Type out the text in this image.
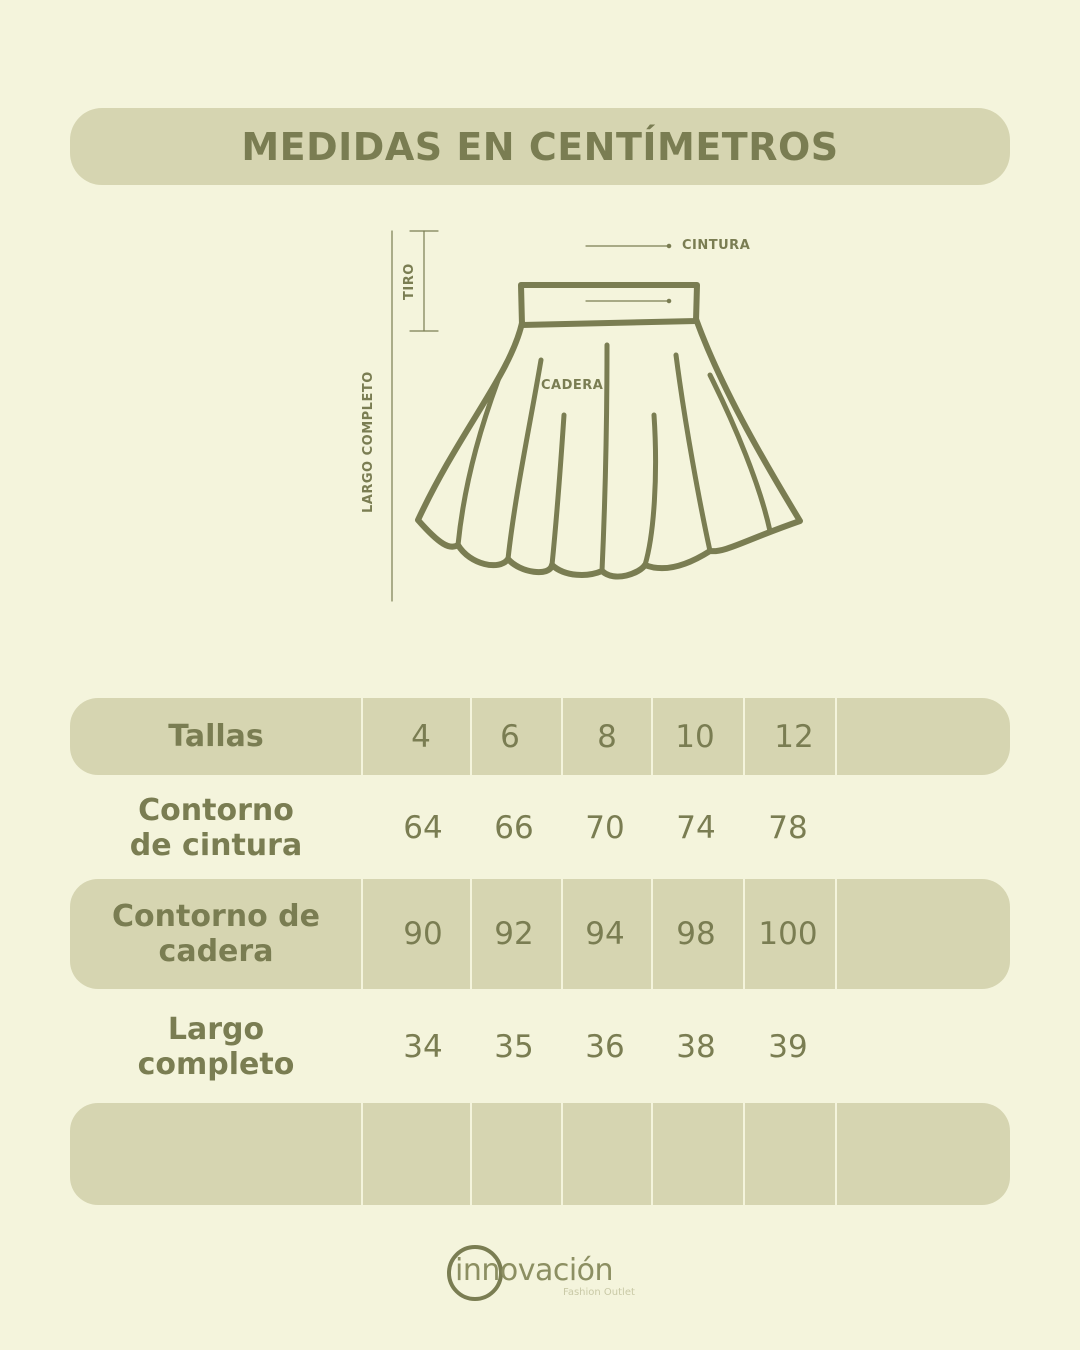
MEDIDAS EN CENTÍMETROS
CINTURA
CADERA
TIRO
LARGO COMPLETO
Tallas	4	6	8	10	12
Contorno
de cintura	64	66	70	74	78
Contorno de
cadera	90	92	94	98	100
Largo
completo	34	35	36	38	39
innovación
Fashion Outlet
